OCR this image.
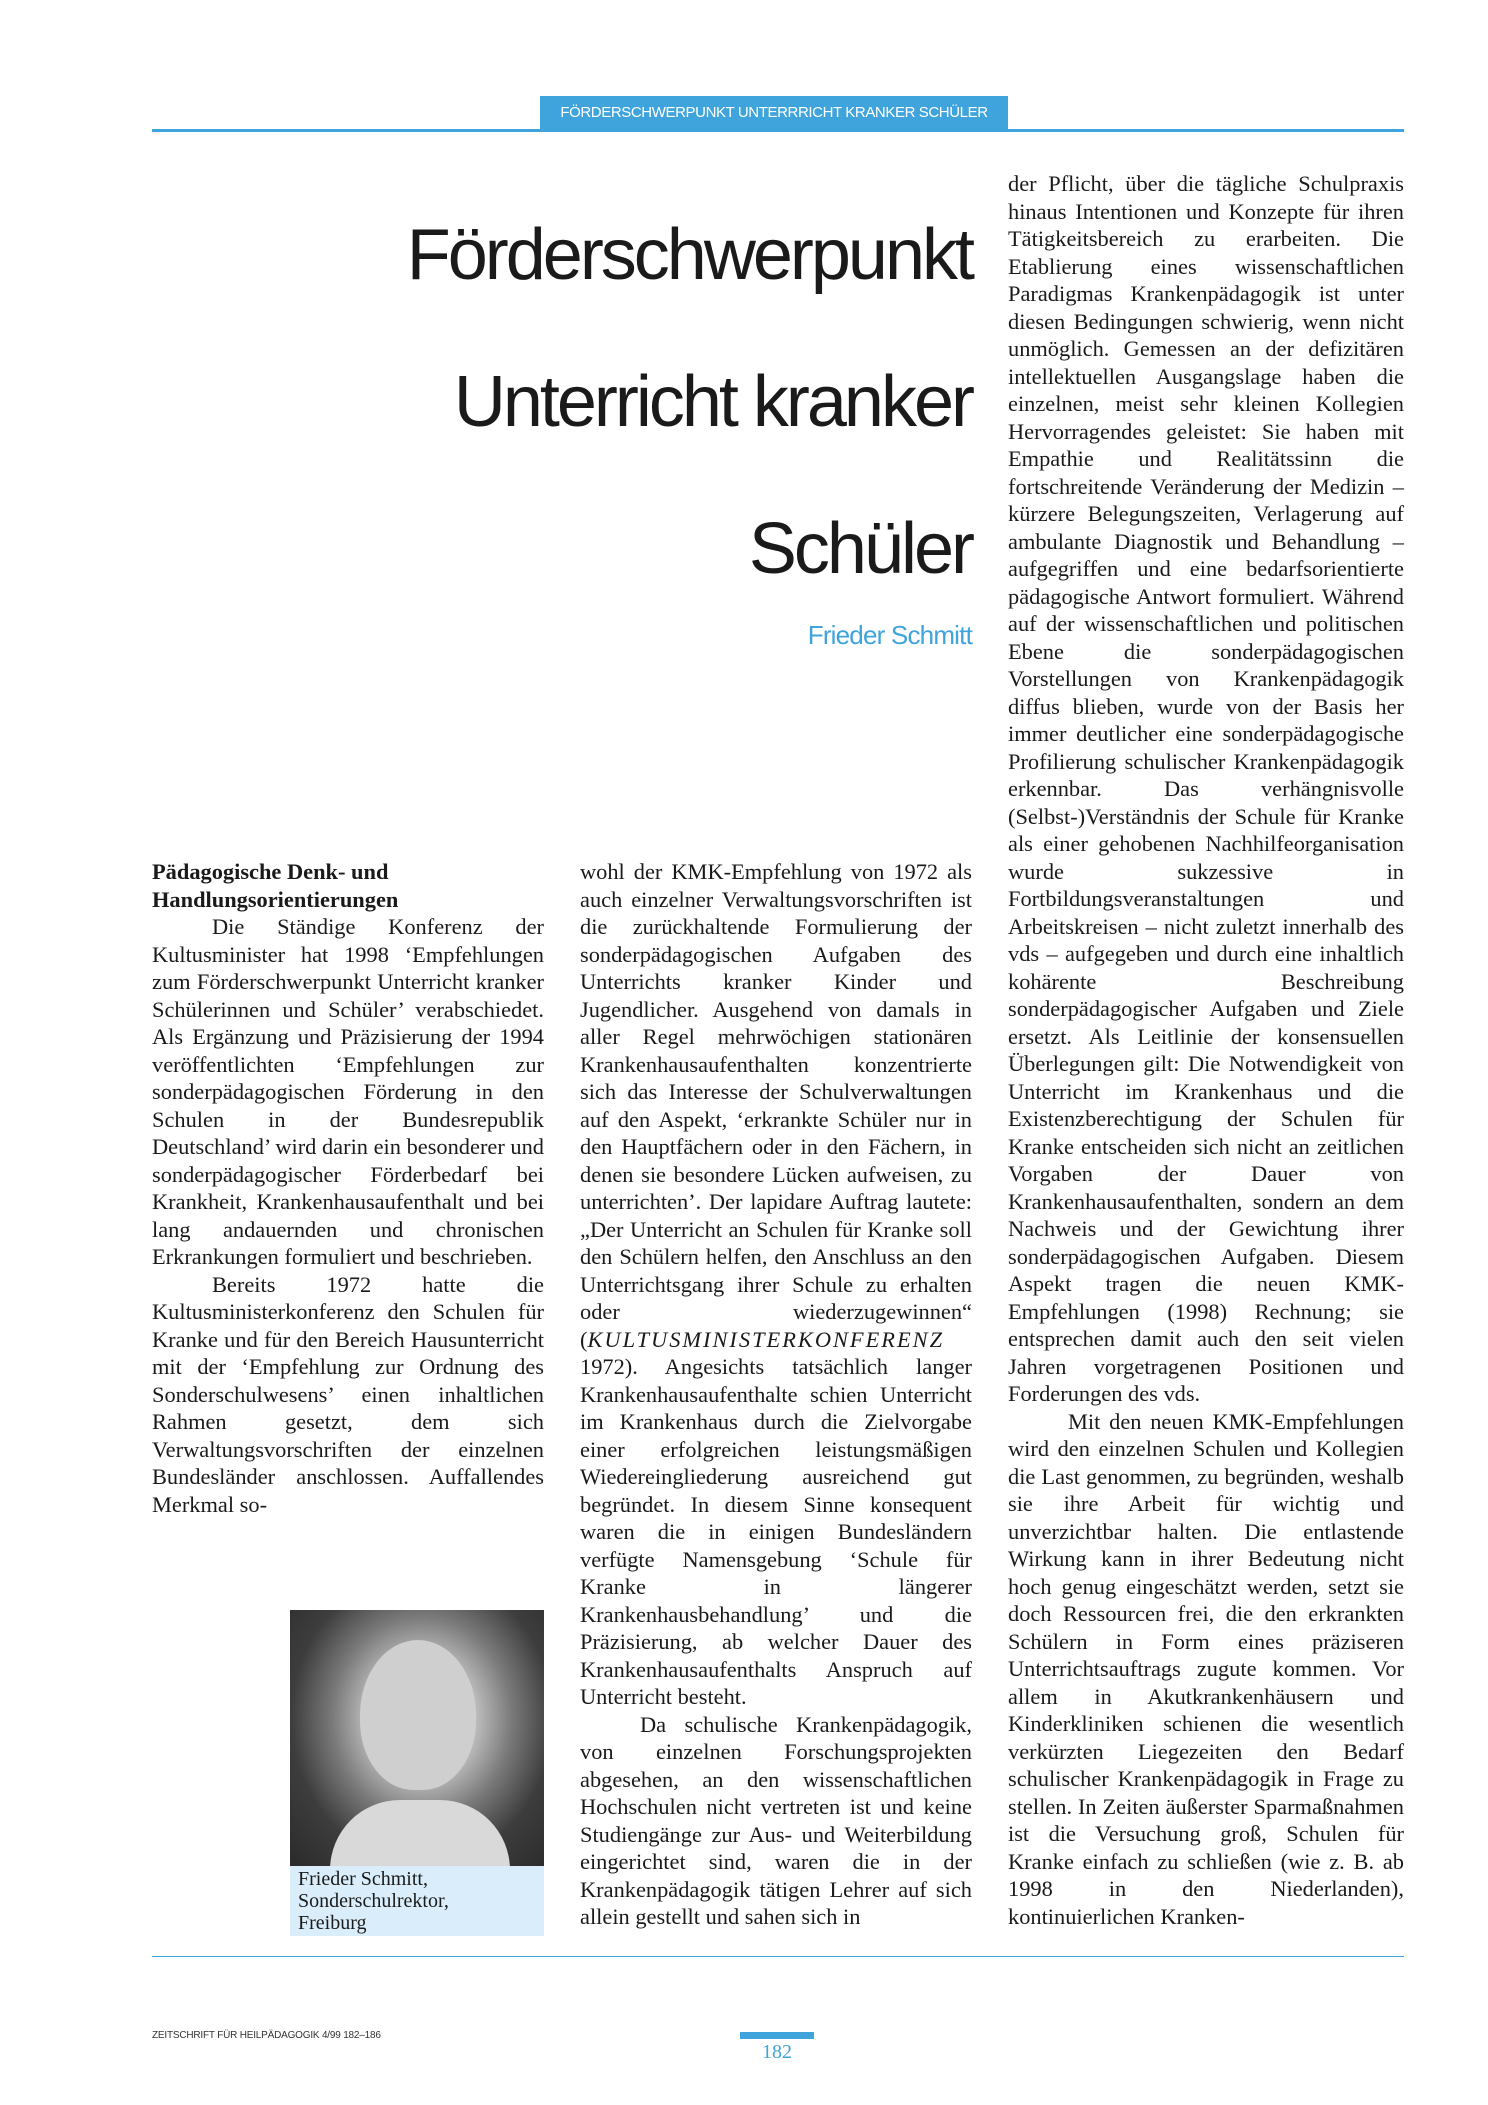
FÖRDERSCHWERPUNKT UNTERRRICHT KRANKER SCHÜLER
Förderschwerpunkt
Unterricht kranker
Schüler
Frieder Schmitt
Pädagogische Denk- und Handlungsorientierungen

Die Ständige Konferenz der Kultusminister hat 1998 ‘Empfehlungen zum Förderschwerpunkt Unterricht kranker Schülerinnen und Schüler’ verabschiedet. Als Ergänzung und Präzisierung der 1994 veröffentlichten ‘Empfehlungen zur sonderpädagogischen Förderung in den Schulen in der Bundesrepublik Deutschland’ wird darin ein besonderer und sonderpädagogischer Förderbedarf bei Krankheit, Krankenhausaufenthalt und bei lang andauernden und chronischen Erkrankungen formuliert und beschrieben.

Bereits 1972 hatte die Kultusministerkonferenz den Schulen für Kranke und für den Bereich Hausunterricht mit der ‘Empfehlung zur Ordnung des Sonderschulwesens’ einen inhaltlichen Rahmen gesetzt, dem sich Verwaltungsvorschriften der einzelnen Bundesländer anschlossen. Auffallendes Merkmal so-

wohl der KMK-Empfehlung von 1972 als auch einzelner Verwaltungsvorschriften ist die zurückhaltende Formulierung der sonderpädagogischen Aufgaben des Unterrichts kranker Kinder und Jugendlicher. Ausgehend von damals in aller Regel mehrwöchigen stationären Krankenhausaufenthalten konzentrierte sich das Interesse der Schulverwaltungen auf den Aspekt, ‘erkrankte Schüler nur in den Hauptfächern oder in den Fächern, in denen sie besondere Lücken aufweisen, zu unterrichten’. Der lapidare Auftrag lautete: „Der Unterricht an Schulen für Kranke soll den Schülern helfen, den Anschluss an den Unterrichtsgang ihrer Schule zu erhalten oder wiederzugewinnen“ (KULTUSMINISTERKONFERENZ 1972). Angesichts tatsächlich langer Krankenhausaufenthalte schien Unterricht im Krankenhaus durch die Zielvorgabe einer erfolgreichen leistungsmäßigen Wiedereingliederung ausreichend gut begründet. In diesem Sinne konsequent waren die in einigen Bundesländern verfügte Namensgebung ‘Schule für Kranke in längerer Krankenhausbehandlung’ und die Präzisierung, ab welcher Dauer des Krankenhausaufenthalts Anspruch auf Unterricht besteht.

Da schulische Krankenpädagogik, von einzelnen Forschungsprojekten abgesehen, an den wissenschaftlichen Hochschulen nicht vertreten ist und keine Studiengänge zur Aus- und Weiterbildung eingerichtet sind, waren die in der Krankenpädagogik tätigen Lehrer auf sich allein gestellt und sahen sich in

der Pflicht, über die tägliche Schulpraxis hinaus Intentionen und Konzepte für ihren Tätigkeitsbereich zu erarbeiten. Die Etablierung eines wissenschaftlichen Paradigmas Krankenpädagogik ist unter diesen Bedingungen schwierig, wenn nicht unmöglich. Gemessen an der defizitären intellektuellen Ausgangslage haben die einzelnen, meist sehr kleinen Kollegien Hervorragendes geleistet: Sie haben mit Empathie und Realitätssinn die fortschreitende Veränderung der Medizin – kürzere Belegungszeiten, Verlagerung auf ambulante Diagnostik und Behandlung – aufgegriffen und eine bedarfsorientierte pädagogische Antwort formuliert. Während auf der wissenschaftlichen und politischen Ebene die sonderpädagogischen Vorstellungen von Krankenpädagogik diffus blieben, wurde von der Basis her immer deutlicher eine sonderpädagogische Profilierung schulischer Krankenpädagogik erkennbar. Das verhängnisvolle (Selbst-)Verständnis der Schule für Kranke als einer gehobenen Nachhilfeorganisation wurde sukzessive in Fortbildungsveranstaltungen und Arbeitskreisen – nicht zuletzt innerhalb des vds – aufgegeben und durch eine inhaltlich kohärente Beschreibung sonderpädagogischer Aufgaben und Ziele ersetzt. Als Leitlinie der konsensuellen Überlegungen gilt: Die Notwendigkeit von Unterricht im Krankenhaus und die Existenzberechtigung der Schulen für Kranke entscheiden sich nicht an zeitlichen Vorgaben der Dauer von Krankenhausaufenthalten, sondern an dem Nachweis und der Gewichtung ihrer sonderpädagogischen Aufgaben. Diesem Aspekt tragen die neuen KMK-Empfehlungen (1998) Rechnung; sie entsprechen damit auch den seit vielen Jahren vorgetragenen Positionen und Forderungen des vds.

Mit den neuen KMK-Empfehlungen wird den einzelnen Schulen und Kollegien die Last genommen, zu begründen, weshalb sie ihre Arbeit für wichtig und unverzichtbar halten. Die entlastende Wirkung kann in ihrer Bedeutung nicht hoch genug eingeschätzt werden, setzt sie doch Ressourcen frei, die den erkrankten Schülern in Form eines präziseren Unterrichtsauftrags zugute kommen. Vor allem in Akutkrankenhäusern und Kinderkliniken schienen die wesentlich verkürzten Liegezeiten den Bedarf schulischer Krankenpädagogik in Frage zu stellen. In Zeiten äußerster Sparmaßnahmen ist die Versuchung groß, Schulen für Kranke einfach zu schließen (wie z. B. ab 1998 in den Niederlanden), kontinuierlichen Kranken-

Frieder Schmitt,
Sonderschulrektor,
Freiburg
ZEITSCHRIFT FÜR HEILPÄDAGOGIK 4/99 182–186
182
